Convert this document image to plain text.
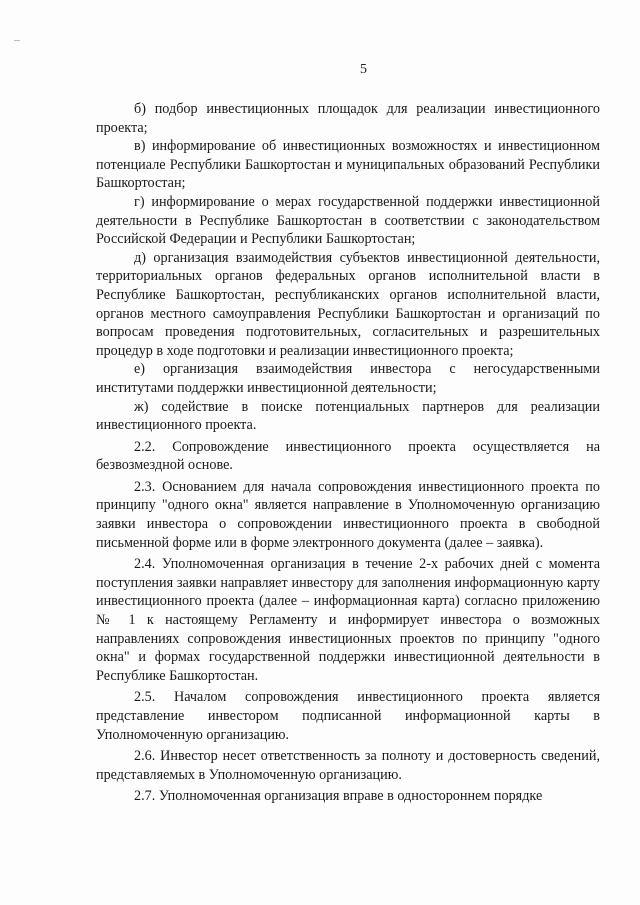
5

б) подбор инвестиционных площадок для реализации инвестиционного проекта;

в) информирование об инвестиционных возможностях и инвестиционном потенциале Республики Башкортостан и муниципальных образований Республики Башкортостан;

г) информирование о мерах государственной поддержки инвестиционной деятельности в Республике Башкортостан в соответствии с законодательством Российской Федерации и Республики Башкортостан;

д) организация взаимодействия субъектов инвестиционной деятельности, территориальных органов федеральных органов исполнительной власти в Республике Башкортостан, республиканских органов исполнительной власти, органов местного самоуправления Республики Башкортостан и организаций по вопросам проведения подготовительных, согласительных и разрешительных процедур в ходе подготовки и реализации инвестиционного проекта;

е) организация взаимодействия инвестора с негосударственными институтами поддержки инвестиционной деятельности;

ж) содействие в поиске потенциальных партнеров для реализации инвестиционного проекта.

2.2. Сопровождение инвестиционного проекта осуществляется на безвозмездной основе.

2.3. Основанием для начала сопровождения инвестиционного проекта по принципу "одного окна" является направление в Уполномоченную организацию заявки инвестора о сопровождении инвестиционного проекта в свободной письменной форме или в форме электронного документа (далее – заявка).

2.4. Уполномоченная организация в течение 2-х рабочих дней с момента поступления заявки направляет инвестору для заполнения информационную карту инвестиционного проекта (далее – информационная карта) согласно приложению № 1 к настоящему Регламенту и информирует инвестора о возможных направлениях сопровождения инвестиционных проектов по принципу "одного окна" и формах государственной поддержки инвестиционной деятельности в Республике Башкортостан.

2.5. Началом сопровождения инвестиционного проекта является представление инвестором подписанной информационной карты в Уполномоченную организацию.

2.6. Инвестор несет ответственность за полноту и достоверность сведений, представляемых в Уполномоченную организацию.

2.7. Уполномоченная организация вправе в одностороннем порядке
